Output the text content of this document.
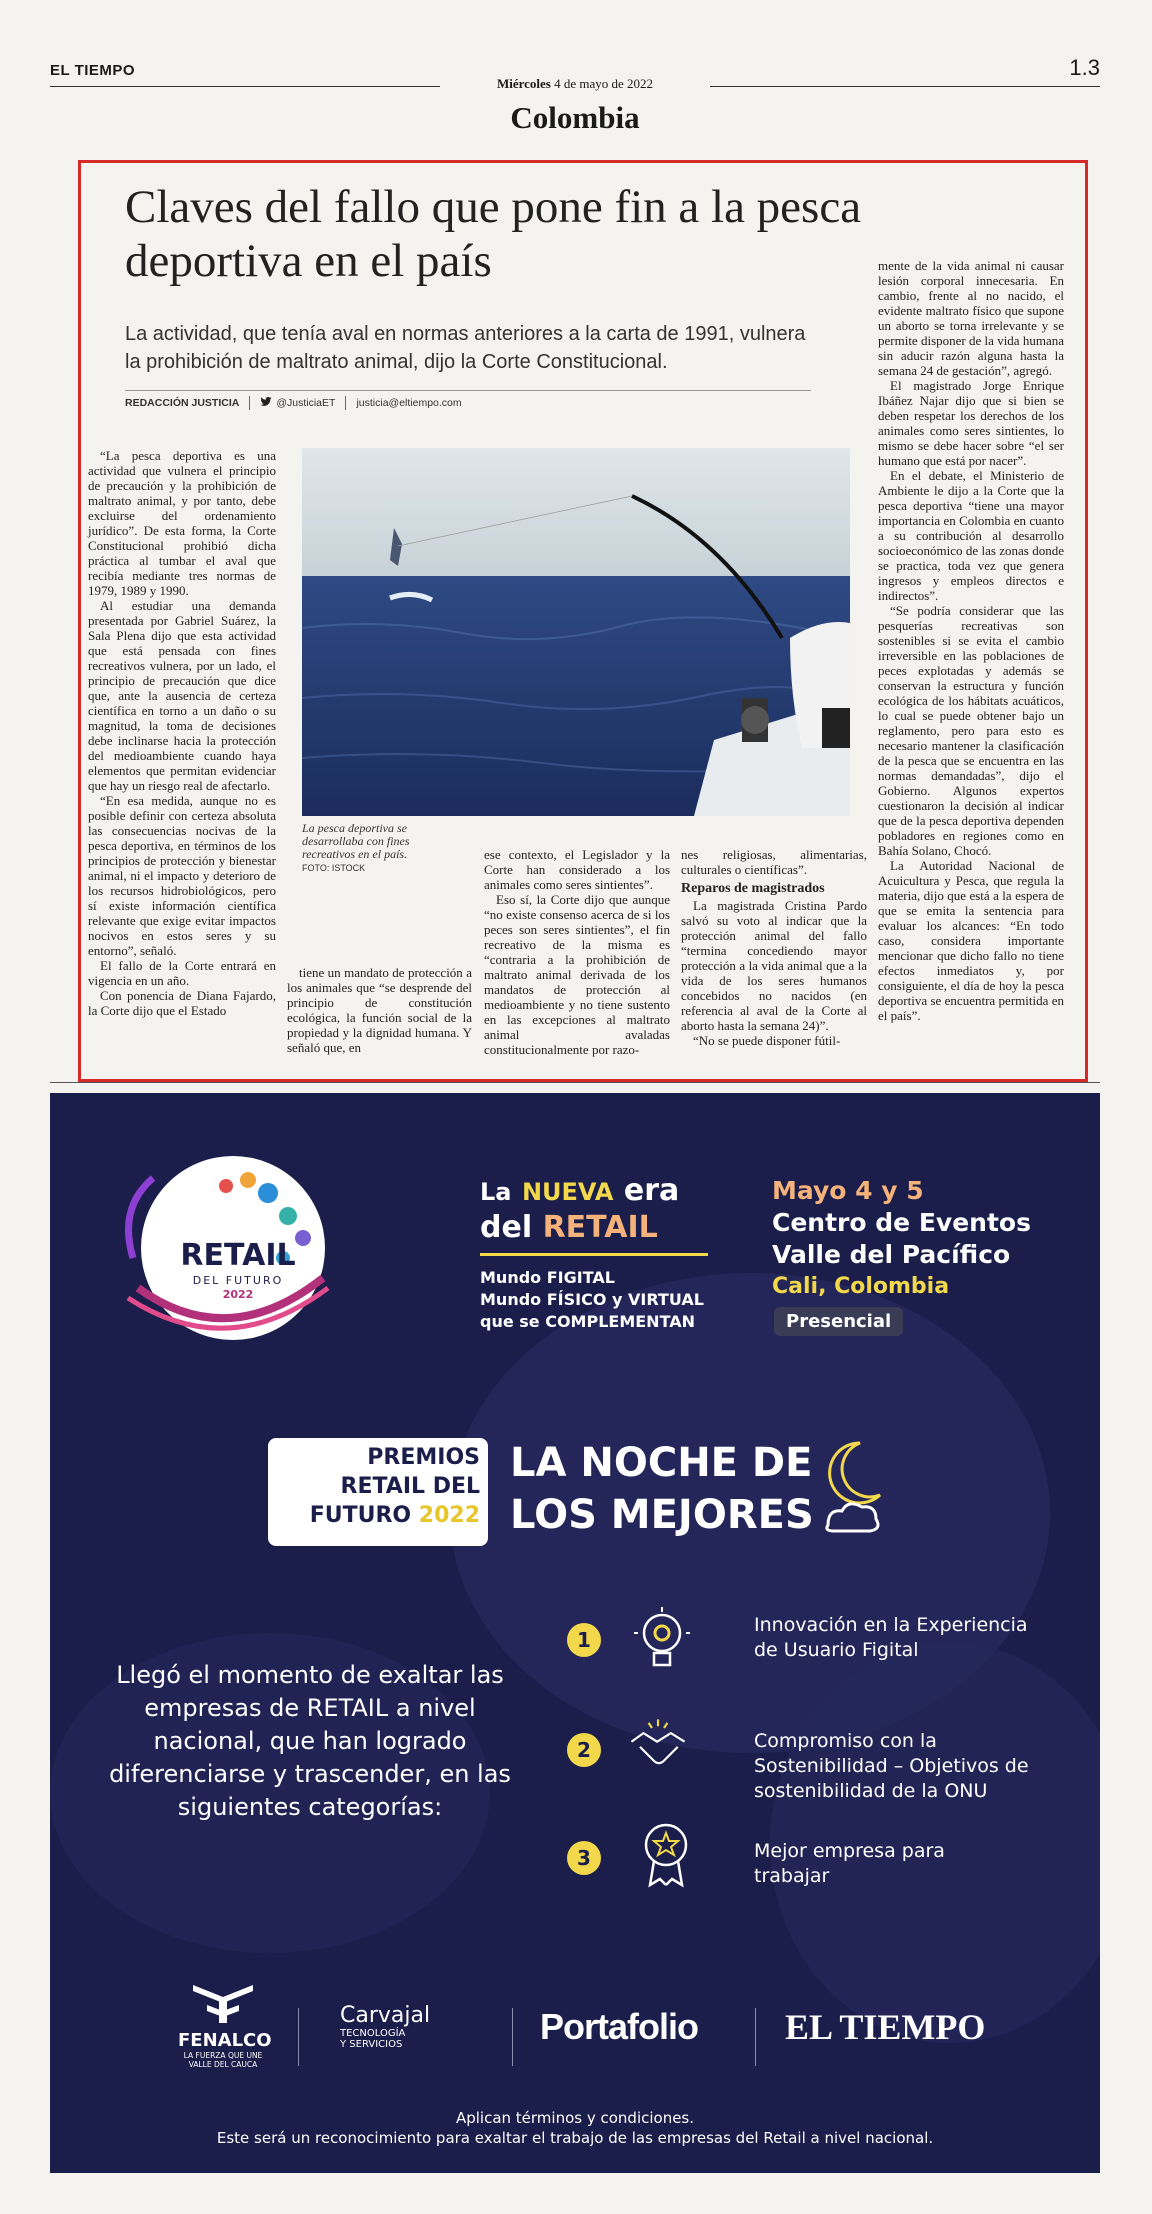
EL TIEMPO
Miércoles 4 de mayo de 2022
Colombia
1.3
Claves del fallo que pone fin a la pesca deportiva en el país
La actividad, que tenía aval en normas anteriores a la carta de 1991, vulnera la prohibición de maltrato animal, dijo la Corte Constitucional.
REDACCIÓN JUSTICIA	@JusticiaET justicia@eltiempo.com

“La pesca deportiva es una actividad que vulnera el principio de precaución y la prohibición de maltrato animal, y por tanto, debe excluirse del ordenamiento jurídico”. De esta forma, la Corte Constitucional prohibió dicha práctica al tumbar el aval que recibía mediante tres normas de 1979, 1989 y 1990.

Al estudiar una demanda presentada por Gabriel Suárez, la Sala Plena dijo que esta actividad que está pensada con fines recreativos vulnera, por un lado, el principio de precaución que dice que, ante la ausencia de certeza científica en torno a un daño o su magnitud, la toma de decisiones debe inclinarse hacia la protección del medioambiente cuando haya elementos que permitan evidenciar que hay un riesgo real de afectarlo.

“En esa medida, aunque no es posible definir con certeza absoluta las consecuencias nocivas de la pesca deportiva, en términos de los principios de protección y bienestar animal, ni el impacto y deterioro de los recursos hidrobiológicos, pero sí existe información científica relevante que exige evitar impactos nocivos en estos seres y su entorno”, señaló.

El fallo de la Corte entrará en vigencia en un año.

Con ponencia de Diana Fajardo, la Corte dijo que el Estado

La pesca deportiva se desarrollaba con fines recreativos en el país. FOTO: ISTOCK

tiene un mandato de protección a los animales que “se desprende del principio de constitución ecológica, la función social de la propiedad y la dignidad humana. Y señaló que, en

ese contexto, el Legislador y la Corte han considerado a los animales como seres sintientes”.

Eso sí, la Corte dijo que aunque “no existe consenso acerca de si los peces son seres sintientes”, el fin recreativo de la misma es “contraria a la prohibición de maltrato animal derivada de los mandatos de protección al medioambiente y no tiene sustento en las excepciones al maltrato animal avaladas constitucionalmente por razo-

nes religiosas, alimentarias, culturales o científicas”.

Reparos de magistrados

La magistrada Cristina Pardo salvó su voto al indicar que la protección animal del fallo “termina concediendo mayor protección a la vida animal que a la vida de los seres humanos concebidos no nacidos (en referencia al aval de la Corte al aborto hasta la semana 24)”.

“No se puede disponer fútil-

mente de la vida animal ni causar lesión corporal innecesaria. En cambio, frente al no nacido, el evidente maltrato físico que supone un aborto se torna irrelevante y se permite disponer de la vida humana sin aducir razón alguna hasta la semana 24 de gestación”, agregó.

El magistrado Jorge Enrique Ibáñez Najar dijo que si bien se deben respetar los derechos de los animales como seres sintientes, lo mismo se debe hacer sobre “el ser humano que está por nacer”.

En el debate, el Ministerio de Ambiente le dijo a la Corte que la pesca deportiva “tiene una mayor importancia en Colombia en cuanto a su contribución al desarrollo socioeconómico de las zonas donde se practica, toda vez que genera ingresos y empleos directos e indirectos”.

“Se podría considerar que las pesquerías recreativas son sostenibles si se evita el cambio irreversible en las poblaciones de peces explotadas y además se conservan la estructura y función ecológica de los hábitats acuáticos, lo cual se puede obtener bajo un reglamento, pero para esto es necesario mantener la clasificación de la pesca que se encuentra en las normas demandadas”, dijo el Gobierno. Algunos expertos cuestionaron la decisión al indicar que de la pesca deportiva dependen pobladores en regiones como en Bahía Solano, Chocó.

La Autoridad Nacional de Acuicultura y Pesca, que regula la materia, dijo que está a la espera de que se emita la sentencia para evaluar los alcances: “En todo caso, considera importante mencionar que dicho fallo no tiene efectos inmediatos y, por consiguiente, el día de hoy la pesca deportiva se encuentra permitida en el país”.

RETAIL
DEL FUTURO
2022
La NUEVA era
del RETAIL
Mundo FIGITAL
Mundo FÍSICO y VIRTUAL
que se COMPLEMENTAN
Mayo 4 y 5
Centro de Eventos
Valle del Pacífico
Cali, Colombia
Presencial
PREMIOS
RETAIL DEL
FUTURO 2022
LA NOCHE DE
LOS MEJORES
Llegó el momento de exaltar las empresas de RETAIL a nivel nacional, que han logrado diferenciarse y trascender, en las siguientes categorías:
1
Innovación en la Experiencia de Usuario Figital
2	Compromiso con la Sostenibilidad – Objetivos de sostenibilidad de la ONU
3	Mejor empresa para trabajar
FENALCO
LA FUERZA QUE UNE
VALLE DEL CAUCA
Carvajal
TECNOLOGÍA
Y SERVICIOS	Portafolio EL TIEMPO
Aplican términos y condiciones.
Este será un reconocimiento para exaltar el trabajo de las empresas del Retail a nivel nacional.
